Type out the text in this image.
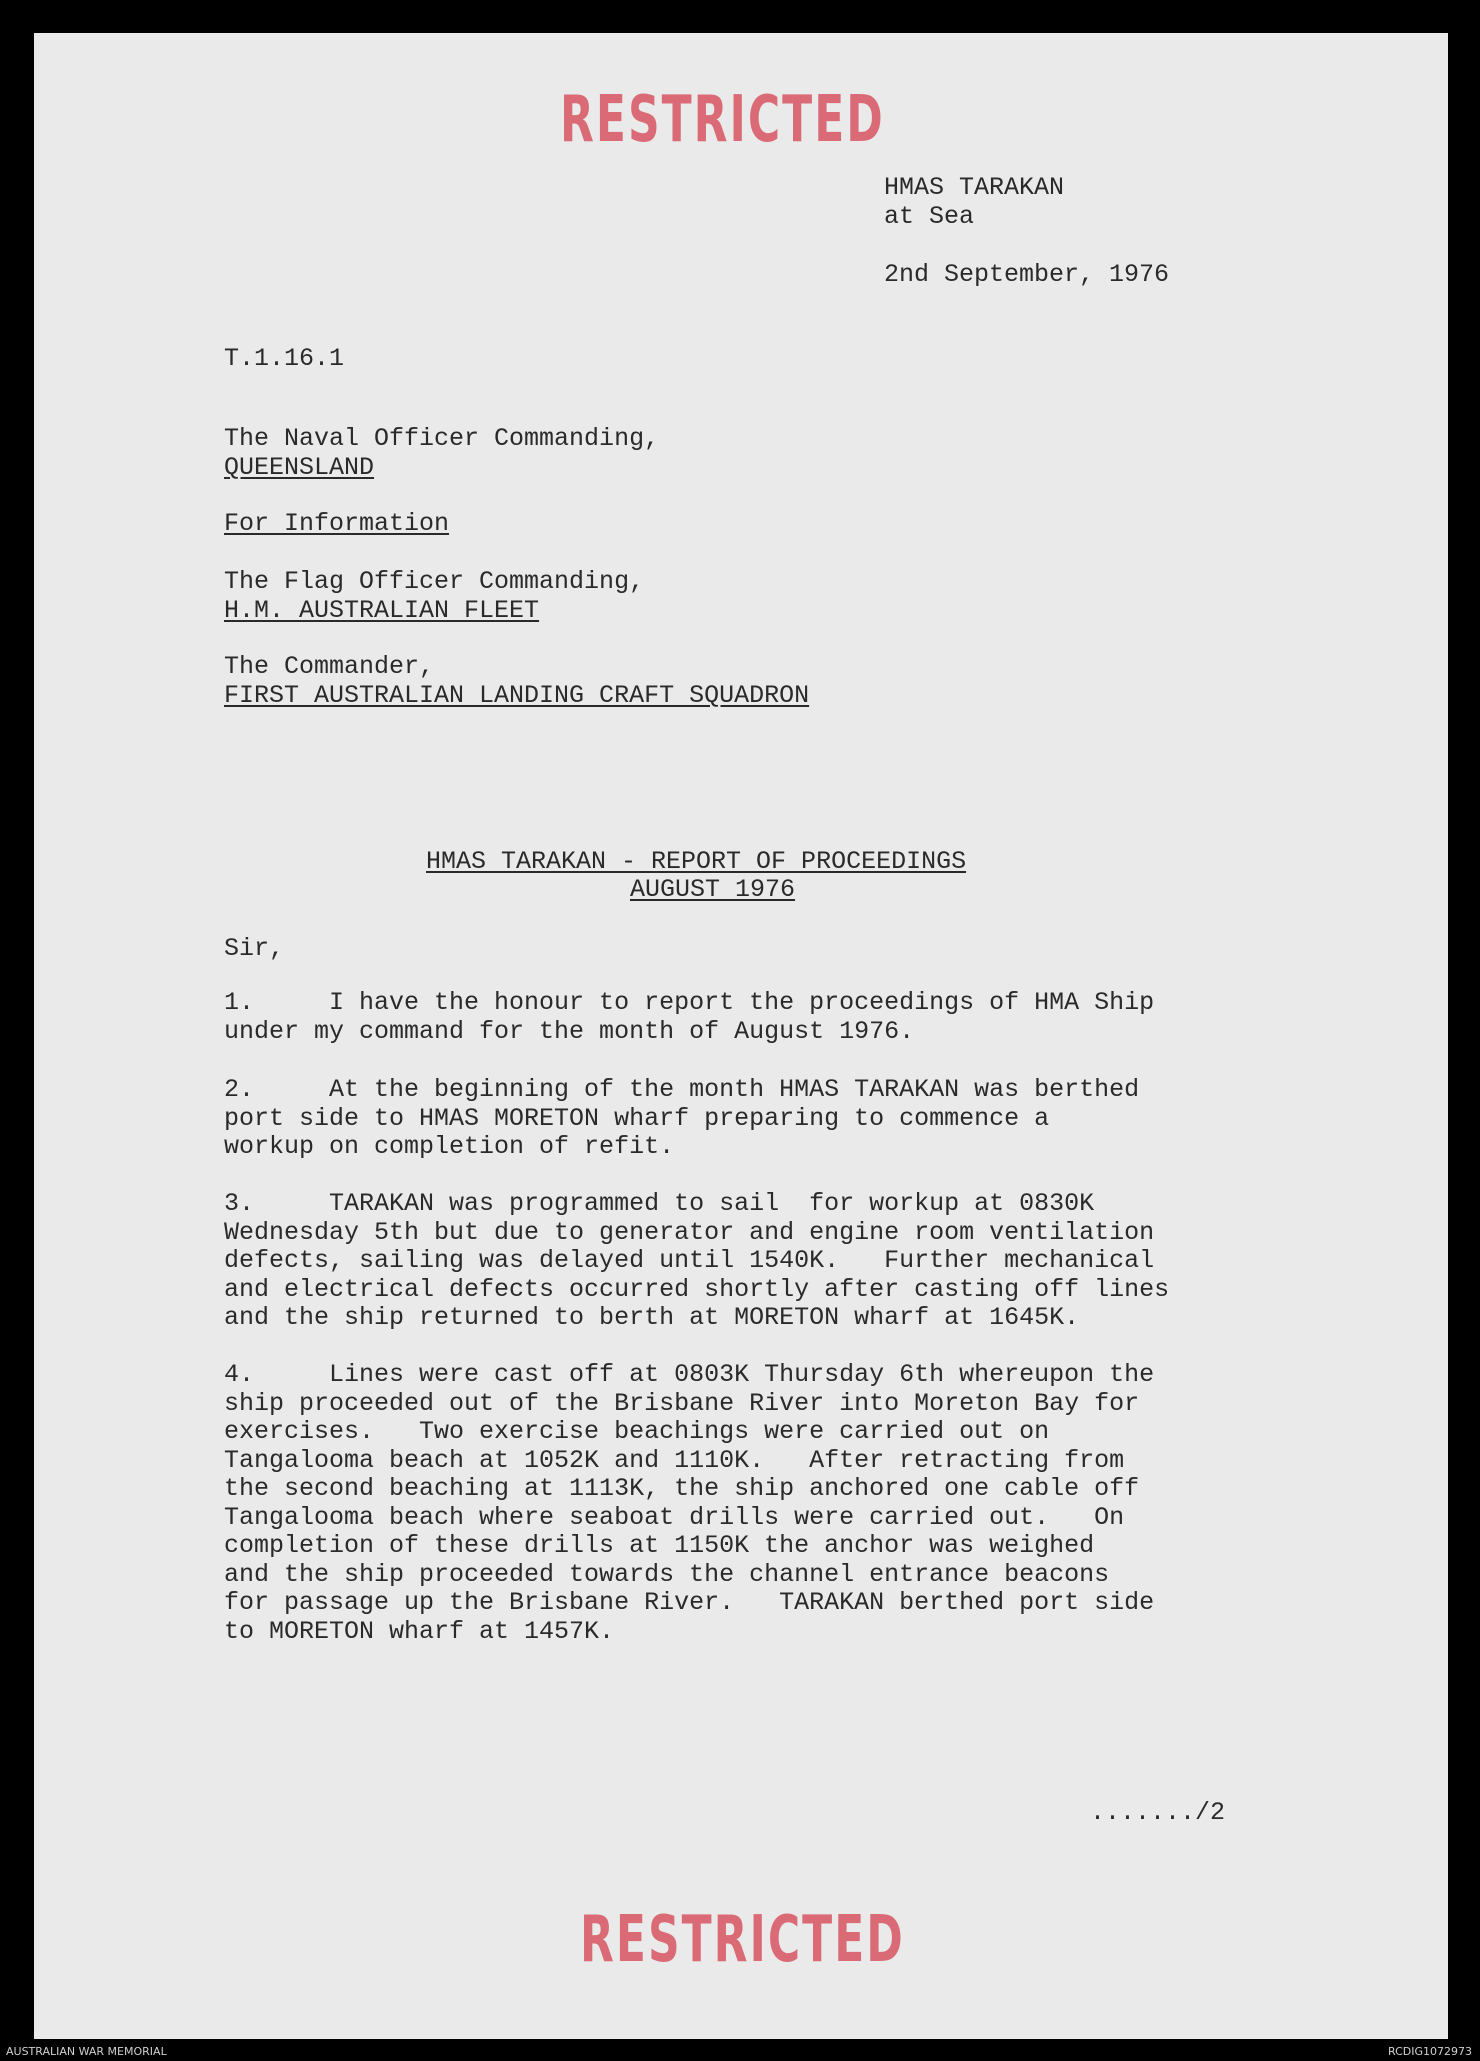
RESTRICTED
HMAS TARAKAN
at Sea
2nd September, 1976
T.1.16.1
The Naval Officer Commanding,
QUEENSLAND
For Information
The Flag Officer Commanding,
H.M. AUSTRALIAN FLEET
The Commander,
FIRST AUSTRALIAN LANDING CRAFT SQUADRON
HMAS TARAKAN - REPORT OF PROCEEDINGS
AUGUST 1976
Sir,
1.     I have the honour to report the proceedings of HMA Ship
under my command for the month of August 1976.
2.     At the beginning of the month HMAS TARAKAN was berthed
port side to HMAS MORETON wharf preparing to commence a
workup on completion of refit.
3.     TARAKAN was programmed to sail  for workup at 0830K
Wednesday 5th but due to generator and engine room ventilation
defects, sailing was delayed until 1540K.   Further mechanical
and electrical defects occurred shortly after casting off lines
and the ship returned to berth at MORETON wharf at 1645K.
4.     Lines were cast off at 0803K Thursday 6th whereupon the
ship proceeded out of the Brisbane River into Moreton Bay for
exercises.   Two exercise beachings were carried out on
Tangalooma beach at 1052K and 1110K.   After retracting from
the second beaching at 1113K, the ship anchored one cable off
Tangalooma beach where seaboat drills were carried out.   On
completion of these drills at 1150K the anchor was weighed
and the ship proceeded towards the channel entrance beacons
for passage up the Brisbane River.   TARAKAN berthed port side
to MORETON wharf at 1457K.
......./2
RESTRICTED
AUSTRALIAN WAR MEMORIAL	RCDIG1072973
